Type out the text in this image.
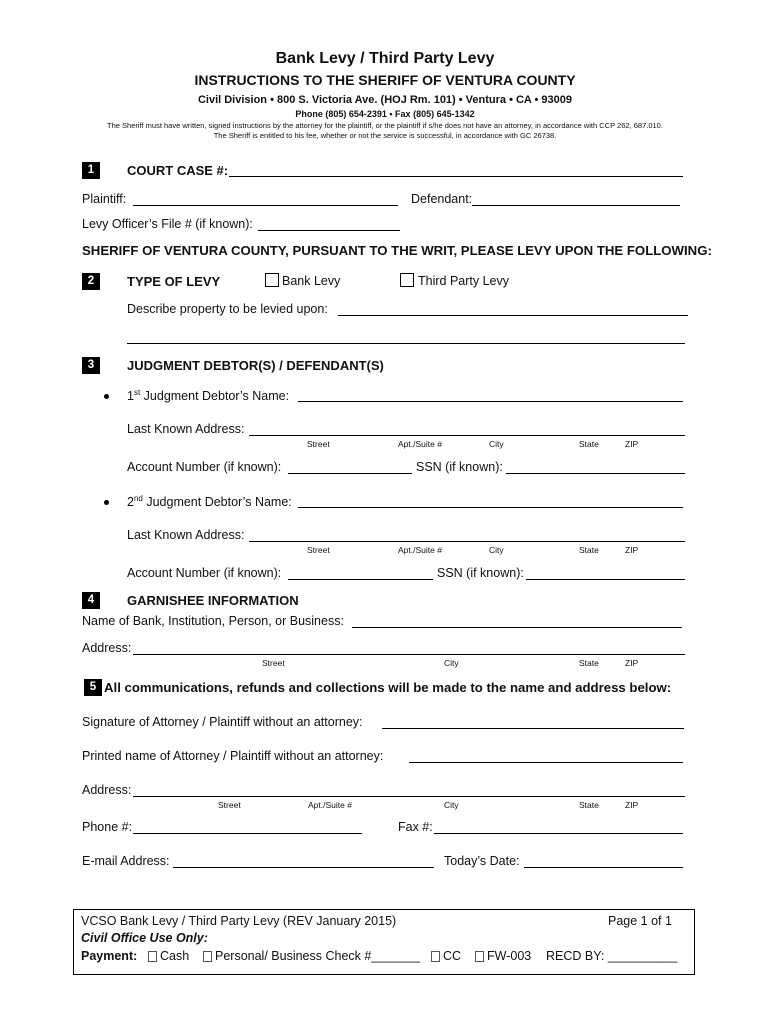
Bank Levy / Third Party Levy
INSTRUCTIONS TO THE SHERIFF OF VENTURA COUNTY
Civil Division • 800 S. Victoria Ave. (HOJ Rm. 101) • Ventura • CA • 93009
Phone (805) 654-2391 • Fax (805) 645-1342
The Sheriff must have written, signed instructions by the attorney for the plaintiff, or the plaintiff if s/he does not have an attorney, in accordance with CCP 262, 687.010.
The Sheriff is entitled to his fee, whether or not the service is successful, in accordance with GC 26738.
1	COURT CASE #:
Plaintiff:	Defendant:
Levy Officer’s File # (if known):
SHERIFF OF VENTURA COUNTY, PURSUANT TO THE WRIT, PLEASE LEVY UPON THE FOLLOWING:
2	TYPE OF LEVY	Bank Levy	Third Party Levy
Describe property to be levied upon:
3	JUDGMENT DEBTOR(S) / DEFENDANT(S)
1st Judgment Debtor’s Name:
Last Known Address:
Street	Apt./Suite #	City	State	ZIP
Account Number (if known):	SSN (if known):
2nd Judgment Debtor’s Name:
Last Known Address:
Street	Apt./Suite #	City	State	ZIP
Account Number (if known):	SSN (if known):
4	GARNISHEE INFORMATION
Name of Bank, Institution, Person, or Business:
Address:
Street	City	State	ZIP
5 All communications, refunds and collections will be made to the name and address below:
Signature of Attorney / Plaintiff without an attorney:
Printed name of Attorney / Plaintiff without an attorney:
Address:
Street	Apt./Suite #	City	State	ZIP
Phone #:	Fax #:
E-mail Address:	Today’s Date:
VCSO Bank Levy / Third Party Levy (REV January 2015)	Page 1 of 1
Civil Office Use Only:
Payment: Cash Personal/ Business Check #_______ CC FW-003 RECD BY: __________
